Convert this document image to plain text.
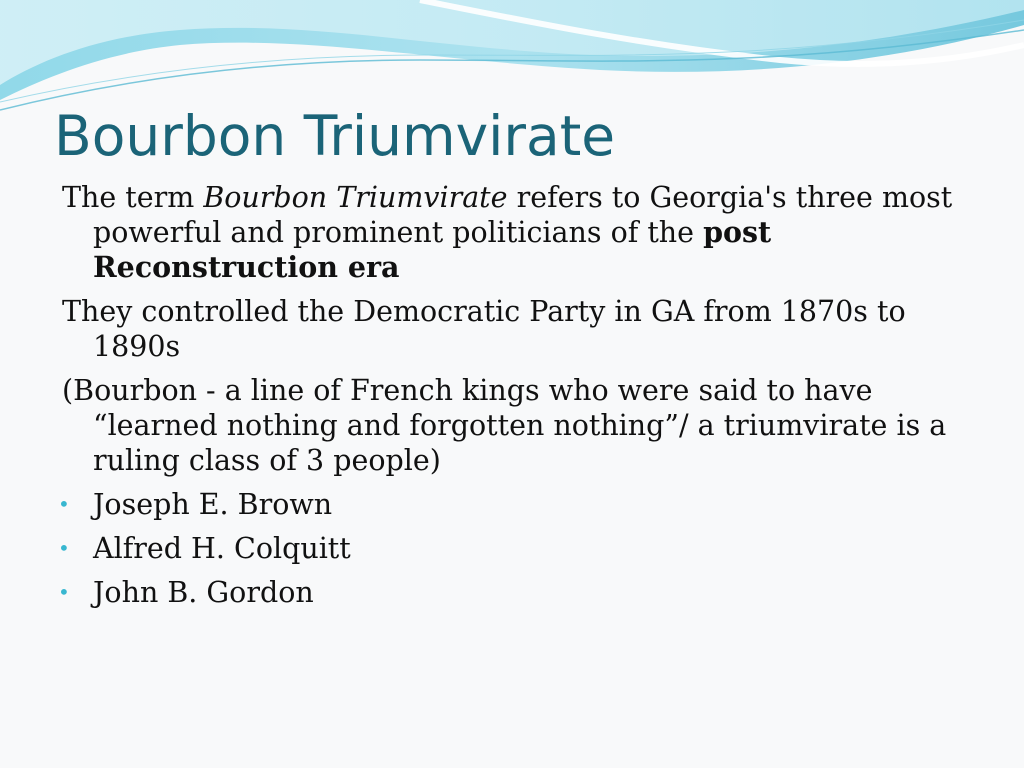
Bourbon Triumvirate

The term Bourbon Triumvirate refers to Georgia's three most powerful and prominent politicians of the post Reconstruction era

They controlled the Democratic Party in GA from 1870s to 1890s

(Bourbon - a line of French kings who were said to have “learned nothing and forgotten nothing”/ a triumvirate is a ruling class of 3 people)

• Joseph E. Brown
• Alfred H. Colquitt
• John B. Gordon
